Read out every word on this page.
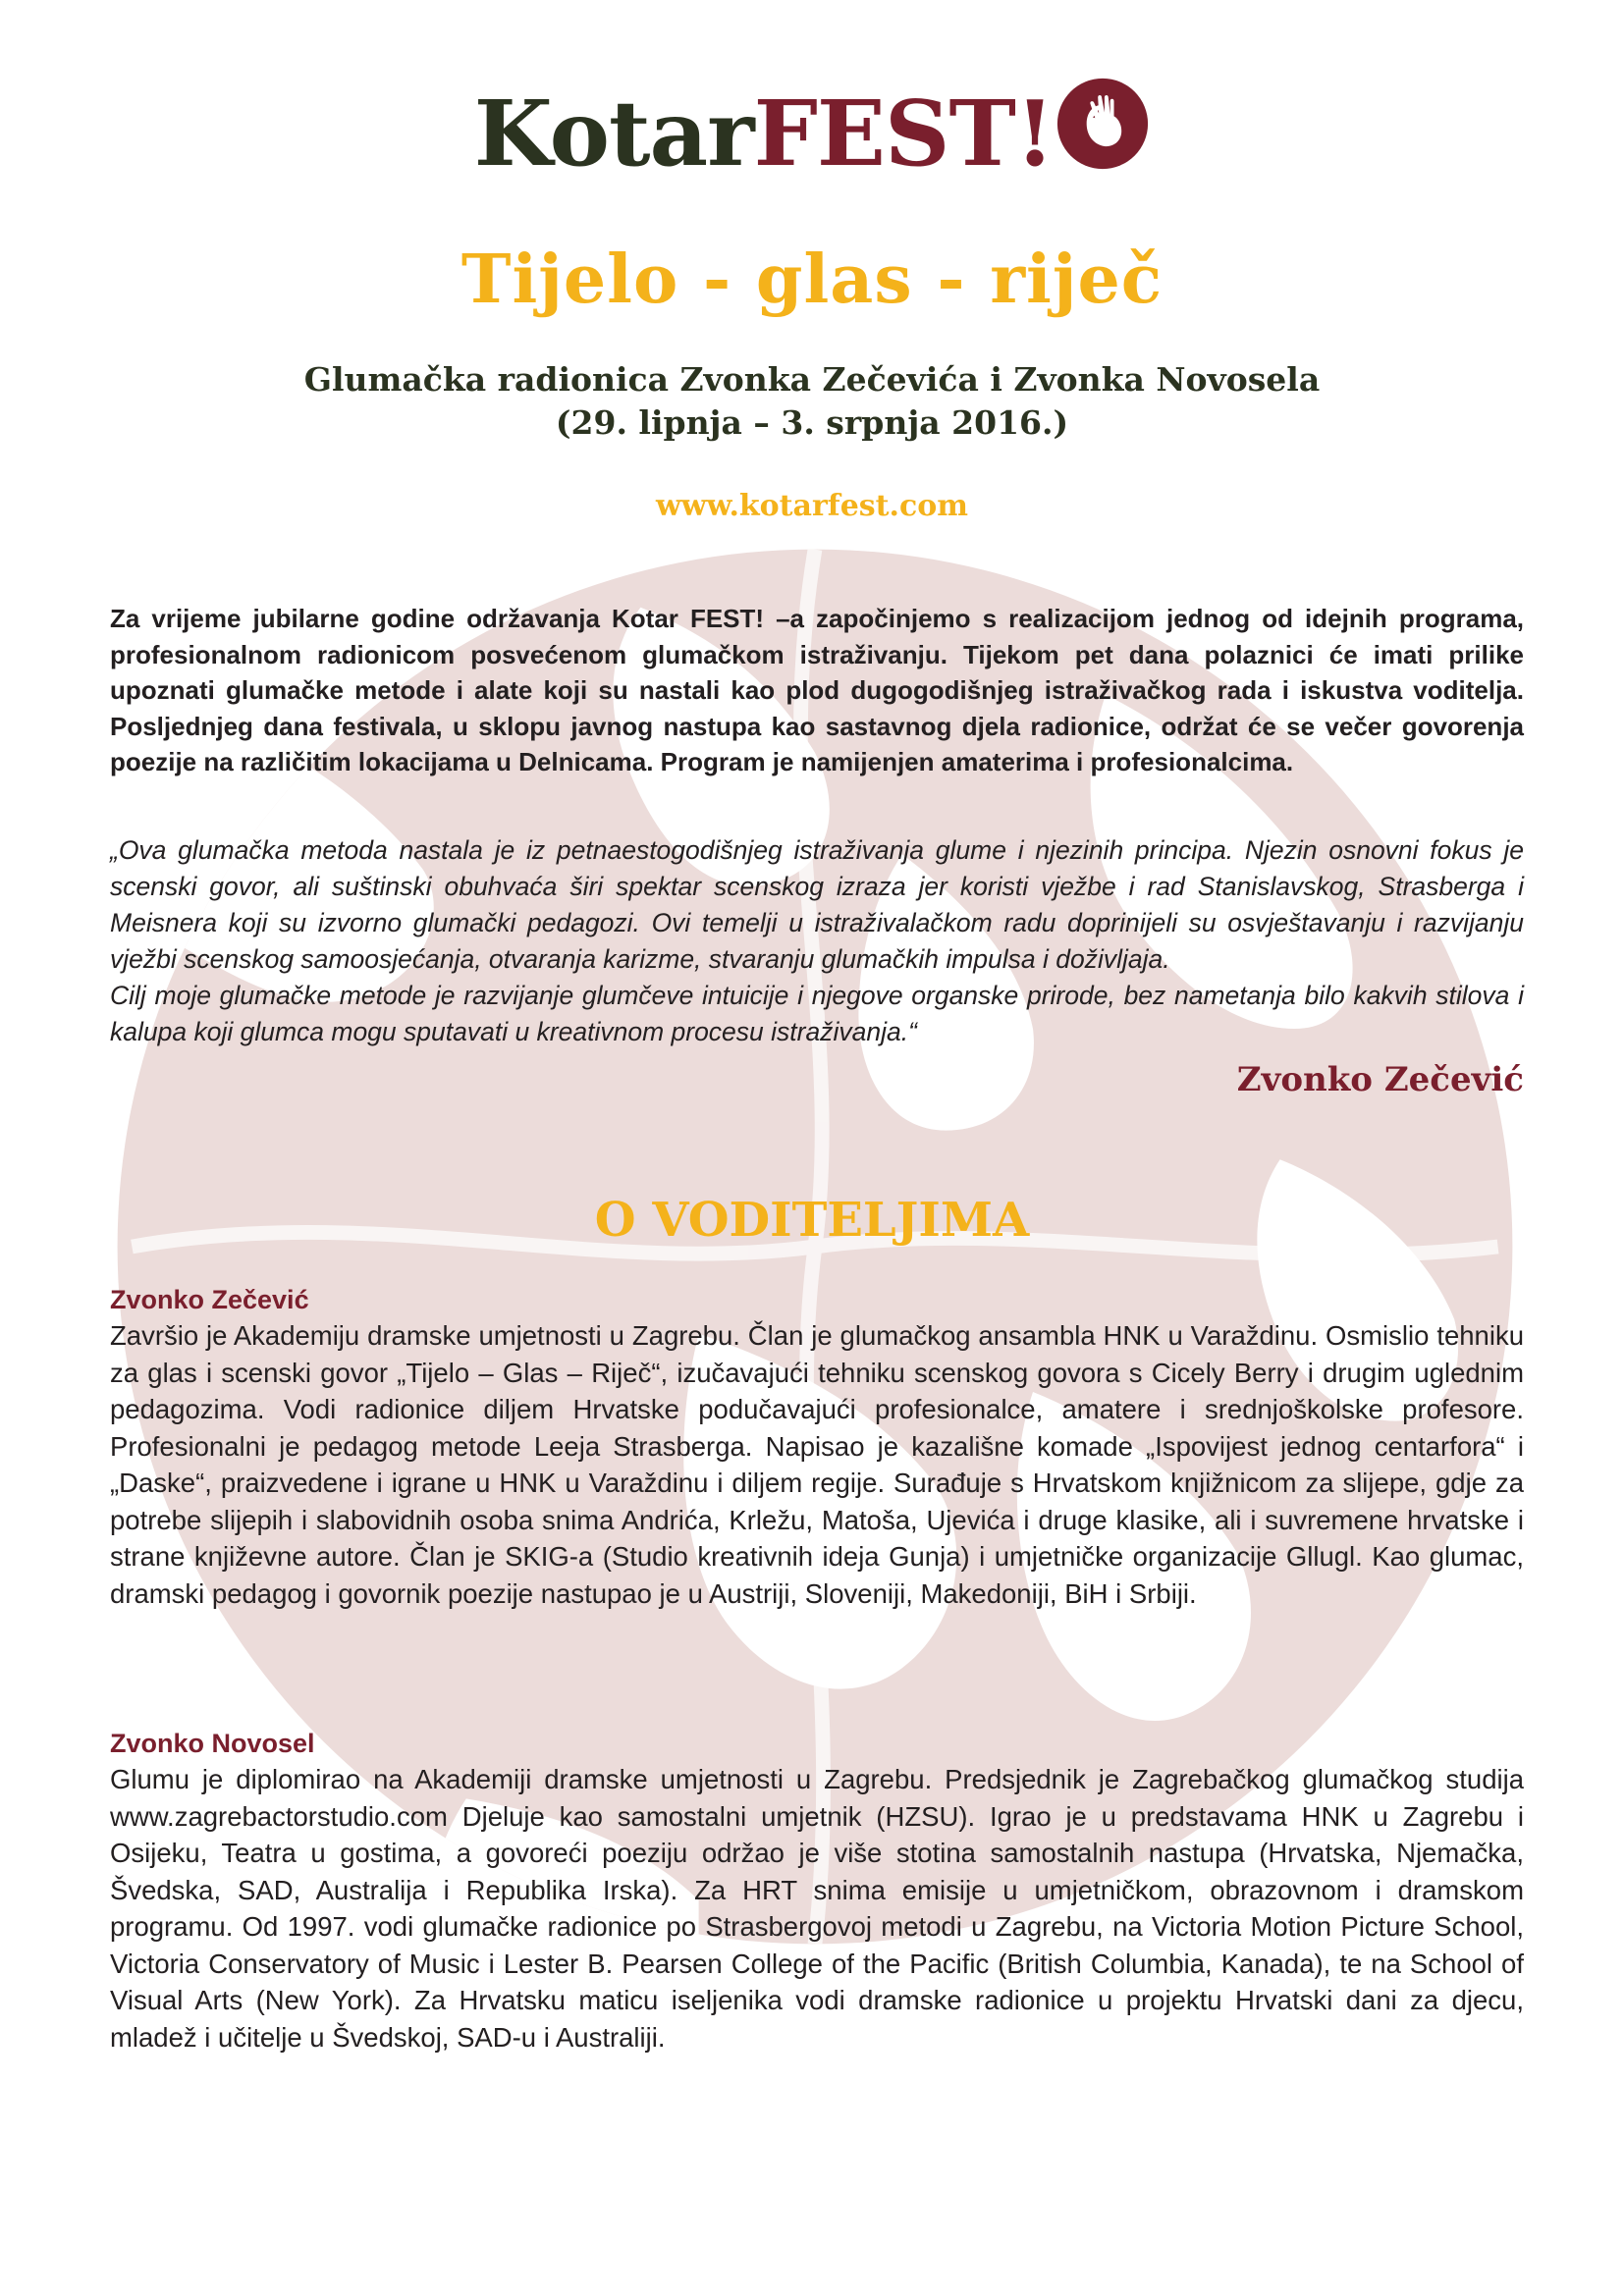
KotarFEST!
Tijelo - glas - riječ
Glumačka radionica Zvonka Zečevića i Zvonka Novosela
(29. lipnja – 3. srpnja 2016.)
www.kotarfest.com
Za vrijeme jubilarne godine održavanja Kotar FEST! –a započinjemo s realizacijom jednog od idejnih programa, profesionalnom radionicom posvećenom glumačkom istraživanju. Tijekom pet dana polaznici će imati prilike upoznati glumačke metode i alate koji su nastali kao plod dugogodišnjeg istraživačkog rada i iskustva voditelja. Posljednjeg dana festivala, u sklopu javnog nastupa kao sastavnog djela radionice, održat će se večer govorenja poezije na različitim lokacijama u Delnicama. Program je namijenjen amaterima i profesionalcima.

„Ova glumačka metoda nastala je iz petnaestogodišnjeg istraživanja glume i njezinih principa. Njezin osnovni fokus je scenski govor, ali suštinski obuhvaća širi spektar scenskog izraza jer koristi vježbe i rad Stanislavskog, Strasberga i Meisnera koji su izvorno glumački pedagozi. Ovi temelji u istraživalačkom radu doprinijeli su osvještavanju i razvijanju vježbi scenskog samoosjećanja, otvaranja karizme, stvaranju glumačkih impulsa i doživljaja.

Cilj moje glumačke metode je razvijanje glumčeve intuicije i njegove organske prirode, bez nametanja bilo kakvih stilova i kalupa koji glumca mogu sputavati u kreativnom procesu istraživanja.“

Zvonko Zečević
O VODITELJIMA
Zvonko Zečević
Završio je Akademiju dramske umjetnosti u Zagrebu. Član je glumačkog ansambla HNK u Varaždinu. Osmislio tehniku za glas i scenski govor „Tijelo – Glas – Riječ“, izučavajući tehniku scenskog govora s Cicely Berry i drugim uglednim pedagozima. Vodi radionice diljem Hrvatske podučavajući profesionalce, amatere i srednjoškolske profesore. Profesionalni je pedagog metode Leeja Strasberga. Napisao je kazališne komade „Ispovijest jednog centarfora“ i „Daske“, praizvedene i igrane u HNK u Varaždinu i diljem regije. Surađuje s Hrvatskom knjižnicom za slijepe, gdje za potrebe slijepih i slabovidnih osoba snima Andrića, Krležu, Matoša, Ujevića i druge klasike, ali i suvremene hrvatske i strane književne autore. Član je SKIG-a (Studio kreativnih ideja Gunja) i umjetničke organizacije Gllugl. Kao glumac, dramski pedagog i govornik poezije nastupao je u Austriji, Sloveniji, Makedoniji, BiH i Srbiji.
Zvonko Novosel
Glumu je diplomirao na Akademiji dramske umjetnosti u Zagrebu. Predsjednik je Zagrebačkog glumačkog studija www.zagrebactorstudio.com Djeluje kao samostalni umjetnik (HZSU). Igrao je u predstavama HNK u Zagrebu i Osijeku, Teatra u gostima, a govoreći poeziju održao je više stotina samostalnih nastupa (Hrvatska, Njemačka, Švedska, SAD, Australija i Republika Irska). Za HRT snima emisije u umjetničkom, obrazovnom i dramskom programu. Od 1997. vodi glumačke radionice po Strasbergovoj metodi u Zagrebu, na Victoria Motion Picture School, Victoria Conservatory of Music i Lester B. Pearsen College of the Pacific (British Columbia, Kanada), te na School of Visual Arts (New York). Za Hrvatsku maticu iseljenika vodi dramske radionice u projektu Hrvatski dani za djecu, mladež i učitelje u Švedskoj, SAD-u i Australiji.
